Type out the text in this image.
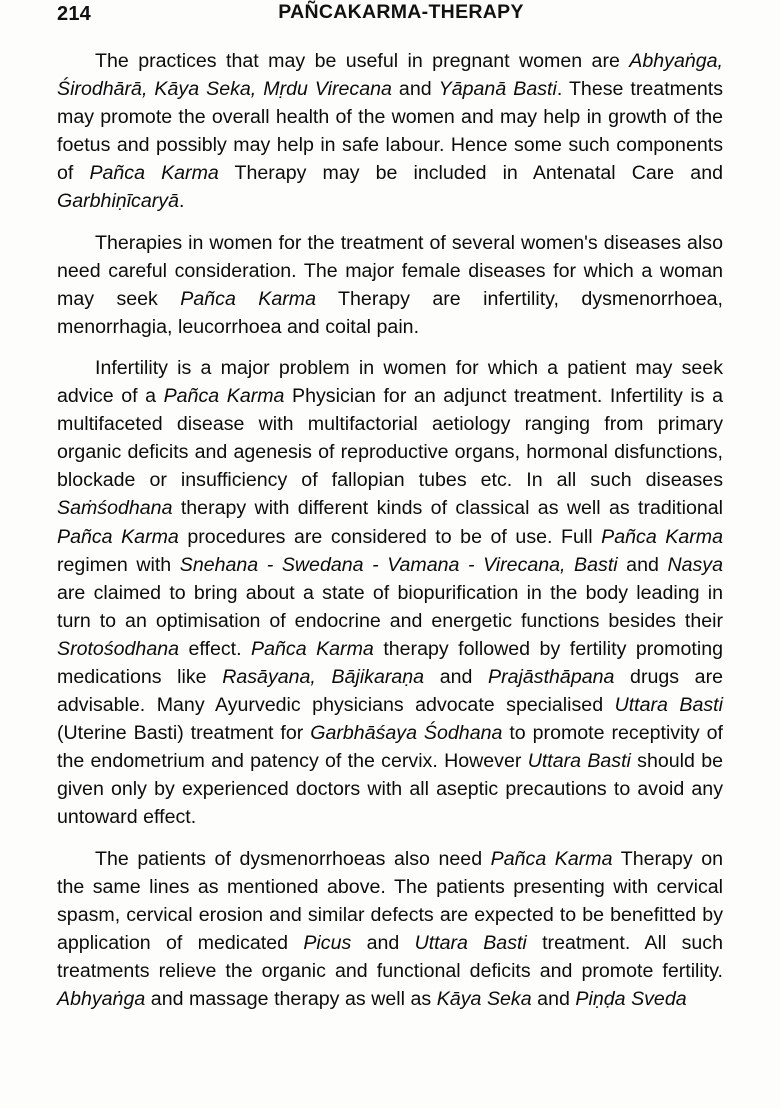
214	PAÑCAKARMA-THERAPY

The practices that may be useful in pregnant women are Abhyaṅga, Śirodhārā, Kāya Seka, Mṛdu Virecana and Yāpanā Basti. These treatments may promote the overall health of the women and may help in growth of the foetus and possibly may help in safe labour. Hence some such components of Pañca Karma Therapy may be included in Antenatal Care and Garbhiṇīcaryā.

Therapies in women for the treatment of several women's diseases also need careful consideration. The major female diseases for which a woman may seek Pañca Karma Therapy are infertility, dysmenorrhoea, menorrhagia, leucorrhoea and coital pain.

Infertility is a major problem in women for which a patient may seek advice of a Pañca Karma Physician for an adjunct treatment. Infertility is a multifaceted disease with multifactorial aetiology ranging from primary organic deficits and agenesis of reproductive organs, hormonal disfunctions, blockade or insufficiency of fallopian tubes etc. In all such diseases Saṁśodhana therapy with different kinds of classical as well as traditional Pañca Karma procedures are considered to be of use. Full Pañca Karma regimen with Snehana - Swedana - Vamana - Virecana, Basti and Nasya are claimed to bring about a state of biopurification in the body leading in turn to an optimisation of endocrine and energetic functions besides their Srotośodhana effect. Pañca Karma therapy followed by fertility promoting medications like Rasāyana, Bājikaraṇa and Prajāsthāpana drugs are advisable. Many Ayurvedic physicians advocate specialised Uttara Basti (Uterine Basti) treatment for Garbhāśaya Śodhana to promote receptivity of the endometrium and patency of the cervix. However Uttara Basti should be given only by experienced doctors with all aseptic precautions to avoid any untoward effect.

The patients of dysmenorrhoeas also need Pañca Karma Therapy on the same lines as mentioned above. The patients presenting with cervical spasm, cervical erosion and similar defects are expected to be benefitted by application of medicated Picus and Uttara Basti treatment. All such treatments relieve the organic and functional deficits and promote fertility. Abhyaṅga and massage therapy as well as Kāya Seka and Piṇḍa Sveda
